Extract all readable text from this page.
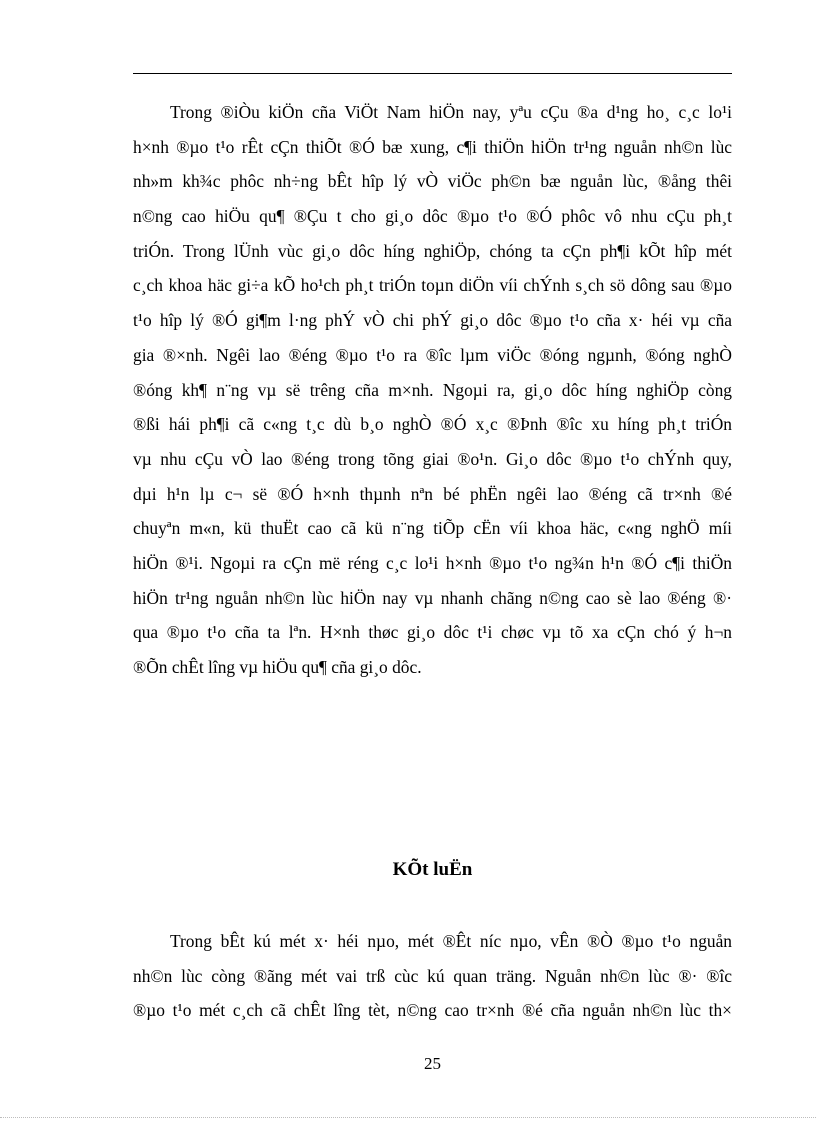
Trong ®iÒu kiÖn cña ViÖt Nam hiÖn nay, yªu cÇu ®a d¹ng ho¸ c¸c lo¹i
h×nh ®µo t¹o rÊt cÇn thiÕt ®Ó bæ xung, c¶i thiÖn hiÖn tr¹ng nguån nh©n lùc
nh»m kh¾c phôc nh÷ng bÊt hîp lý vÒ viÖc ph©n bæ nguån lùc, ®ång thêi
n©ng cao hiÖu qu¶ ®Çu t cho gi¸o dôc ®µo t¹o ®Ó phôc vô nhu cÇu ph¸t
triÓn. Trong lÜnh vùc gi¸o dôc híng nghiÖp, chóng ta cÇn ph¶i kÕt hîp mét
c¸ch khoa häc gi÷a kÕ ho¹ch ph¸t triÓn toµn diÖn víi chÝnh s¸ch sö dông sau ®µo
t¹o hîp lý ®Ó gi¶m l·ng phÝ vÒ chi phÝ gi¸o dôc ®µo t¹o cña x· héi vµ cña
gia ®×nh. Ngêi lao ®éng ®µo t¹o ra ®îc lµm viÖc ®óng ngµnh, ®óng nghÒ
®óng kh¶ n¨ng vµ së trêng cña m×nh. Ngoµi ra, gi¸o dôc híng nghiÖp còng
®ßi hái ph¶i cã c«ng t¸c dù b¸o nghÒ ®Ó x¸c ®Þnh ®îc xu híng ph¸t triÓn
vµ nhu cÇu vÒ lao ®éng trong tõng giai ®o¹n. Gi¸o dôc ®µo t¹o chÝnh quy,
dµi h¹n lµ c¬ së ®Ó h×nh thµnh nªn bé phËn ngêi lao ®éng cã tr×nh ®é
chuyªn m«n, kü thuËt cao cã kü n¨ng tiÕp cËn víi khoa häc, c«ng nghÖ míi
hiÖn ®¹i. Ngoµi ra cÇn më réng c¸c lo¹i h×nh ®µo t¹o ng¾n h¹n ®Ó c¶i thiÖn
hiÖn tr¹ng nguån nh©n lùc hiÖn nay vµ nhanh chãng n©ng cao sè lao ®éng ®·
qua ®µo t¹o cña ta lªn. H×nh thøc gi¸o dôc t¹i chøc vµ tõ xa cÇn chó ý h¬n
®Õn chÊt lîng vµ hiÖu qu¶ cña gi¸o dôc.
KÕt luËn
Trong bÊt kú mét x· héi nµo, mét ®Êt níc nµo, vÊn ®Ò ®µo t¹o nguån
nh©n lùc còng ®ãng mét vai trß cùc kú quan träng. Nguån nh©n lùc ®· ®îc
®µo t¹o mét c¸ch cã chÊt lîng tèt, n©ng cao tr×nh ®é cña nguån nh©n lùc th×
25
